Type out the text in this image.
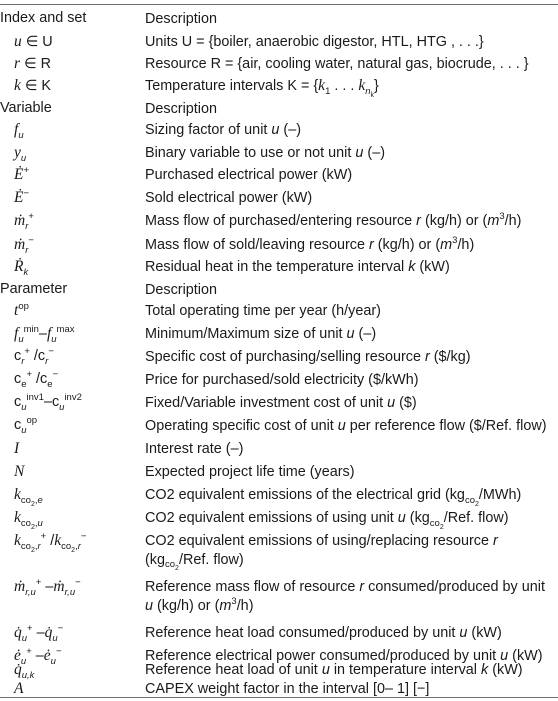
Index and set	Description
u ∈ U	Units U = {boiler, anaerobic digestor, HTL, HTG , . . .}
r ∈ R	Resource R = {air, cooling water, natural gas, biocrude, . . . }
k ∈ K	Temperature intervals $K = \{k_1$ . . . $k_{n_k}$}
Variable	Description
$f_u$	Sizing factor of unit u (–)
$y_u$	Binary variable to use or not unit u (–)
Ė+	Purchased electrical power (kW)
Ė−	Sold electrical power (kW)
ṁ$_r$+	Mass flow of purchased/entering resource r (kg/h) or $(m^3/h)$
ṁ$_r$−	Mass flow of sold/leaving resource r (kg/h) or $(m^3/h)$
Ṙ$_k$	Residual heat in the temperature interval k (kW)
Parameter	Description
$t^{op}$	Total operating time per year (h/year)
$f_u^{min}-f_u^{max}$	Minimum/Maximum size of unit u (–)
$c_r^+$ $/c_r^-$	Specific cost of purchasing/selling resource r ($/kg)
$c_e^+$ $/c_e^-$	Price for purchased/sold electricity ($/kWh)
$c_u^{inv1}-c_u^{inv2}$	Fixed/Variable investment cost of unit u ($)
$c_u^{op}$	Operating specific cost of unit u per reference flow ($/Ref. flow)
I	Interest rate (–)
N	Expected project life time (years)
$k_{co_2,e}$	CO2 equivalent emissions of the electrical grid $(kg_{co_2}/MWh)$
$k_{co_2,u}$	CO2 equivalent emissions of using unit u ($kg_{co_2}$/Ref. flow)
$k_{co_2,r}^+$ $/k_{co_2,r}^-$	CO2 equivalent emissions of using/replacing resource r ($kg_{co_2}$/Ref. flow)
ṁ$_{r,u}$+ –ṁ$_{r,u}$−	Reference mass flow of resource r consumed/produced by unit u (kg/h) or $(m^3/h)$
$q̇_u^+$ $-q̇_u^-$	Reference heat load consumed/produced by unit u (kW)
$ė_u^+$ $-ė_u^-$	Reference electrical power consumed/produced by unit u (kW)
$q̇_{u,k}$	Reference heat load of unit u in temperature interval k (kW)
A	CAPEX weight factor in the interval [0– 1] [−]
